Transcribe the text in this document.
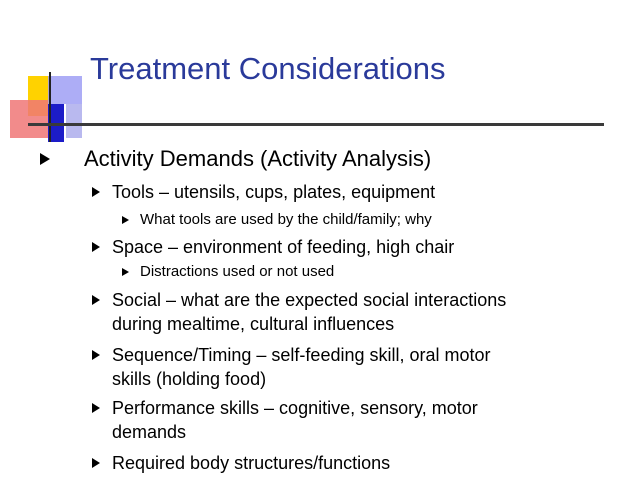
Treatment Considerations
Activity Demands (Activity Analysis)
Tools – utensils, cups, plates, equipment
What tools are used by the child/family; why
Space – environment of feeding, high chair
Distractions used or not used
Social – what are the expected social interactions
during mealtime, cultural influences
Sequence/Timing – self-feeding skill, oral motor
skills (holding food)
Performance skills – cognitive, sensory, motor
demands
Required body structures/functions
